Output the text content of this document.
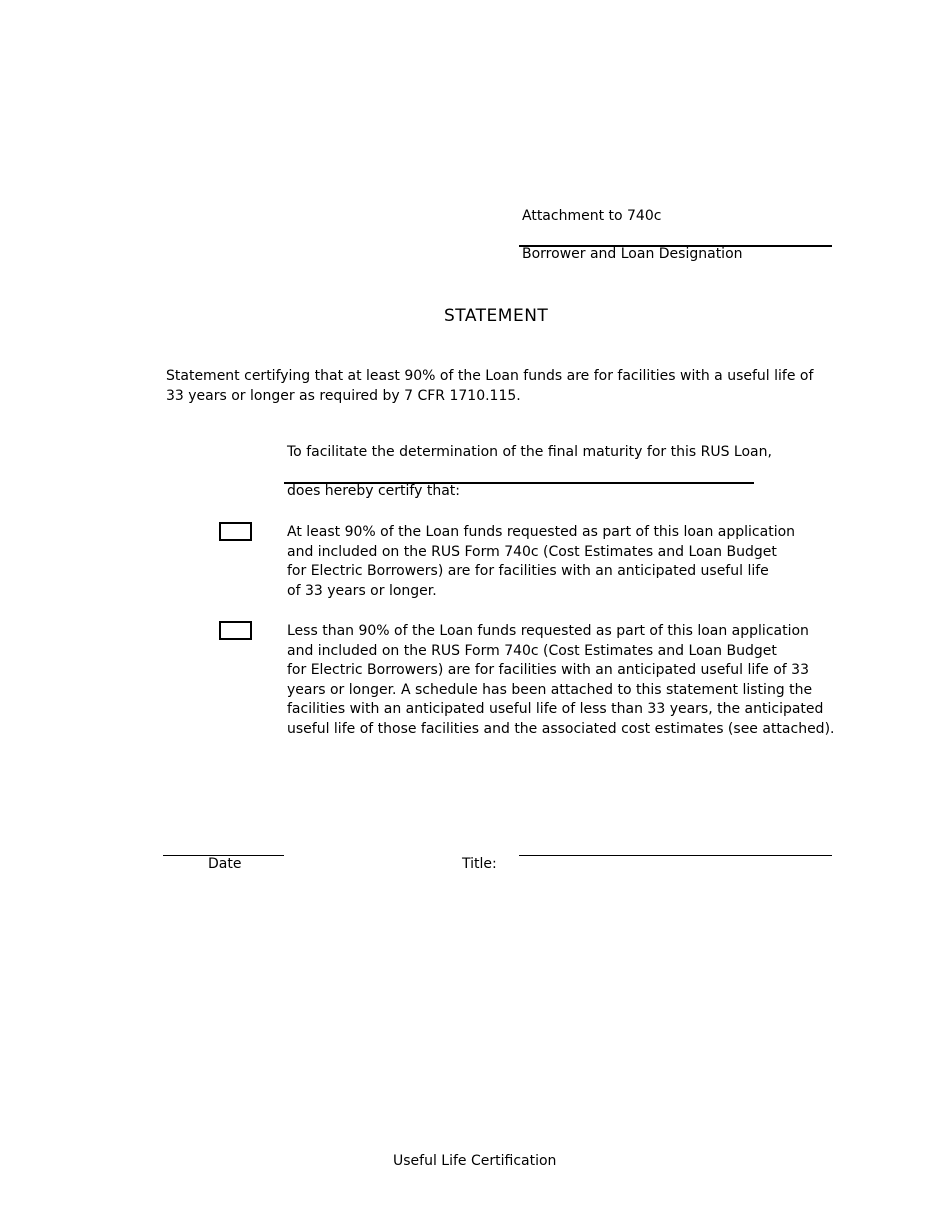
Attachment to 740c
Borrower and Loan Designation
STATEMENT
Statement certifying that at least 90% of the Loan funds are for facilities with a useful life of
33 years or longer as required by 7 CFR 1710.115.
To facilitate the determination of the final maturity for this RUS Loan,
does hereby certify that:
At least 90% of the Loan funds requested as part of this loan application
and included on the RUS Form 740c (Cost Estimates and Loan Budget
for Electric Borrowers) are for facilities with an anticipated useful life
of 33 years or longer.
Less than 90% of the Loan funds requested as part of this loan application
and included on the RUS Form 740c (Cost Estimates and Loan Budget
for Electric Borrowers) are for facilities with an anticipated useful life of 33
years or longer. A schedule has been attached to this statement listing the
facilities with an anticipated useful life of less than 33 years, the anticipated
useful life of those facilities and the associated cost estimates (see attached).
Date	Title:
Useful Life Certification
